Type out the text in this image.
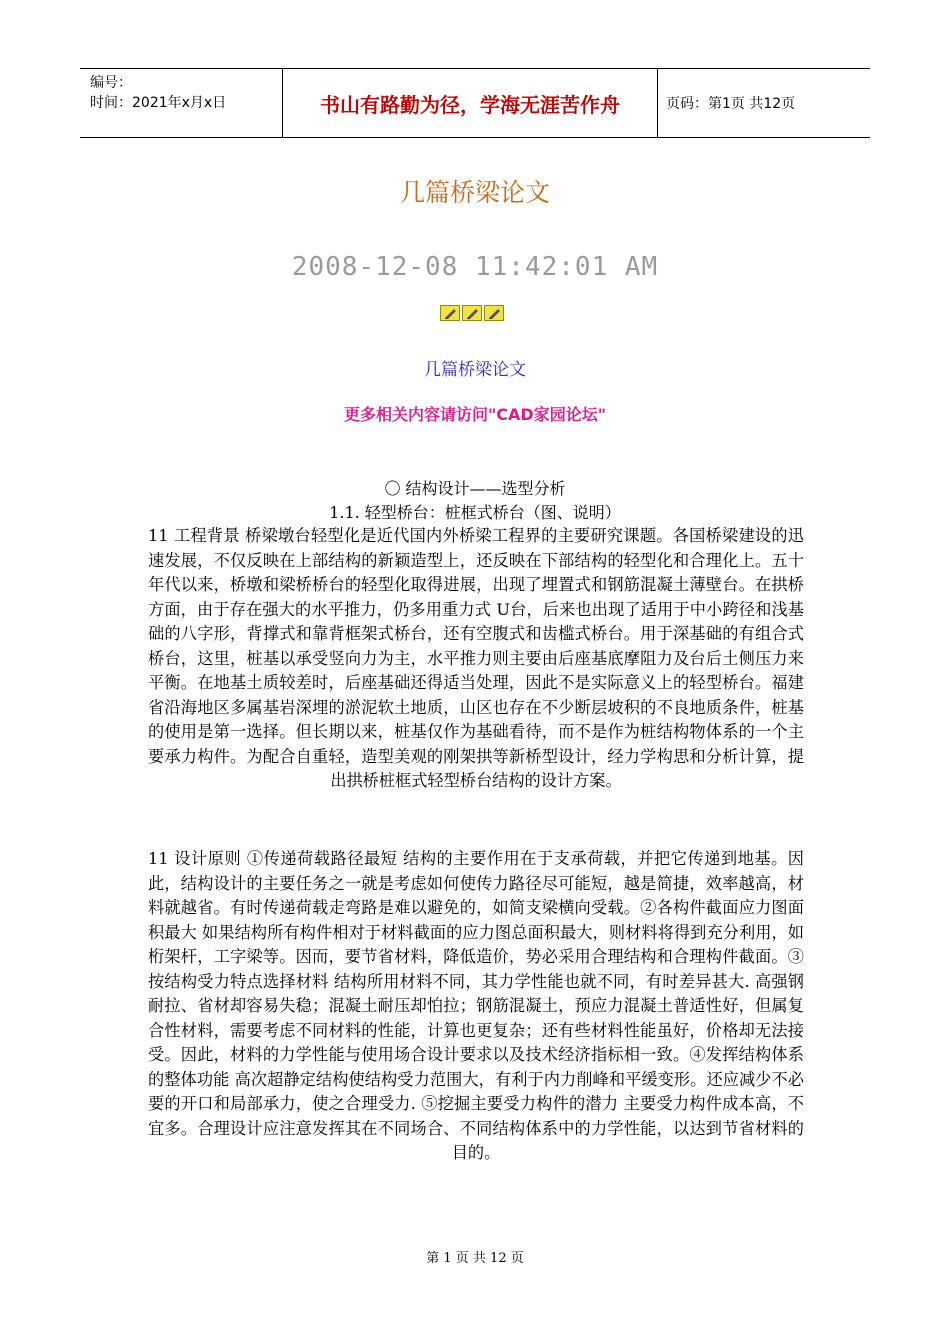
编号：
时间：2021年x月x日	书山有路勤为径，学海无涯苦作舟	页码：第1页 共12页
几篇桥梁论文
2008-12-08 11:42:01 AM
几篇桥梁论文
更多相关内容请访问"CAD家园论坛"
〇 结构设计——选型分析
1.1. 轻型桥台：桩框式桥台（图、说明）

11 工程背景 桥梁墩台轻型化是近代国内外桥梁工程界的主要研究课题。各国桥梁建设的迅速发展，不仅反映在上部结构的新颖造型上，还反映在下部结构的轻型化和合理化上。五十年代以来，桥墩和梁桥桥台的轻型化取得进展，出现了埋置式和钢筋混凝土薄壁台。在拱桥方面，由于存在强大的水平推力，仍多用重力式 U台，后来也出现了适用于中小跨径和浅基础的八字形，背撑式和靠背框架式桥台，还有空腹式和齿槛式桥台。用于深基础的有组合式桥台，这里，桩基以承受竖向力为主，水平推力则主要由后座基底摩阻力及台后土侧压力来平衡。在地基土质较差时，后座基础还得适当处理，因此不是实际意义上的轻型桥台。福建省沿海地区多属基岩深埋的淤泥软土地质，山区也存在不少断层坡积的不良地质条件，桩基的使用是第一选择。但长期以来，桩基仅作为基础看待，而不是作为桩结构物体系的一个主要承力构件。为配合自重轻，造型美观的刚架拱等新桥型设计，经力学构思和分析计算，提出拱桥桩框式轻型桥台结构的设计方案。

11 设计原则 ①传递荷载路径最短 结构的主要作用在于支承荷载，并把它传递到地基。因此，结构设计的主要任务之一就是考虑如何使传力路径尽可能短，越是简捷，效率越高，材料就越省。有时传递荷载走弯路是难以避免的，如简支梁横向受载。②各构件截面应力图面积最大 如果结构所有构件相对于材料截面的应力图总面积最大，则材料将得到充分利用，如桁架杆，工字梁等。因而，要节省材料，降低造价，势必采用合理结构和合理构件截面。③按结构受力特点选择材料 结构所用材料不同，其力学性能也就不同，有时差异甚大. 高强钢耐拉、省材却容易失稳；混凝土耐压却怕拉；钢筋混凝土，预应力混凝土普适性好，但属复合性材料，需要考虑不同材料的性能，计算也更复杂；还有些材料性能虽好，价格却无法接受。因此，材料的力学性能与使用场合设计要求以及技术经济指标相一致。④发挥结构体系的整体功能 高次超静定结构使结构受力范围大，有利于内力削峰和平缓变形。还应减少不必要的开口和局部承力，使之合理受力. ⑤挖掘主要受力构件的潜力 主要受力构件成本高，不宜多。合理设计应注意发挥其在不同场合、不同结构体系中的力学性能，以达到节省材料的目的。

第 1 页 共 12 页
